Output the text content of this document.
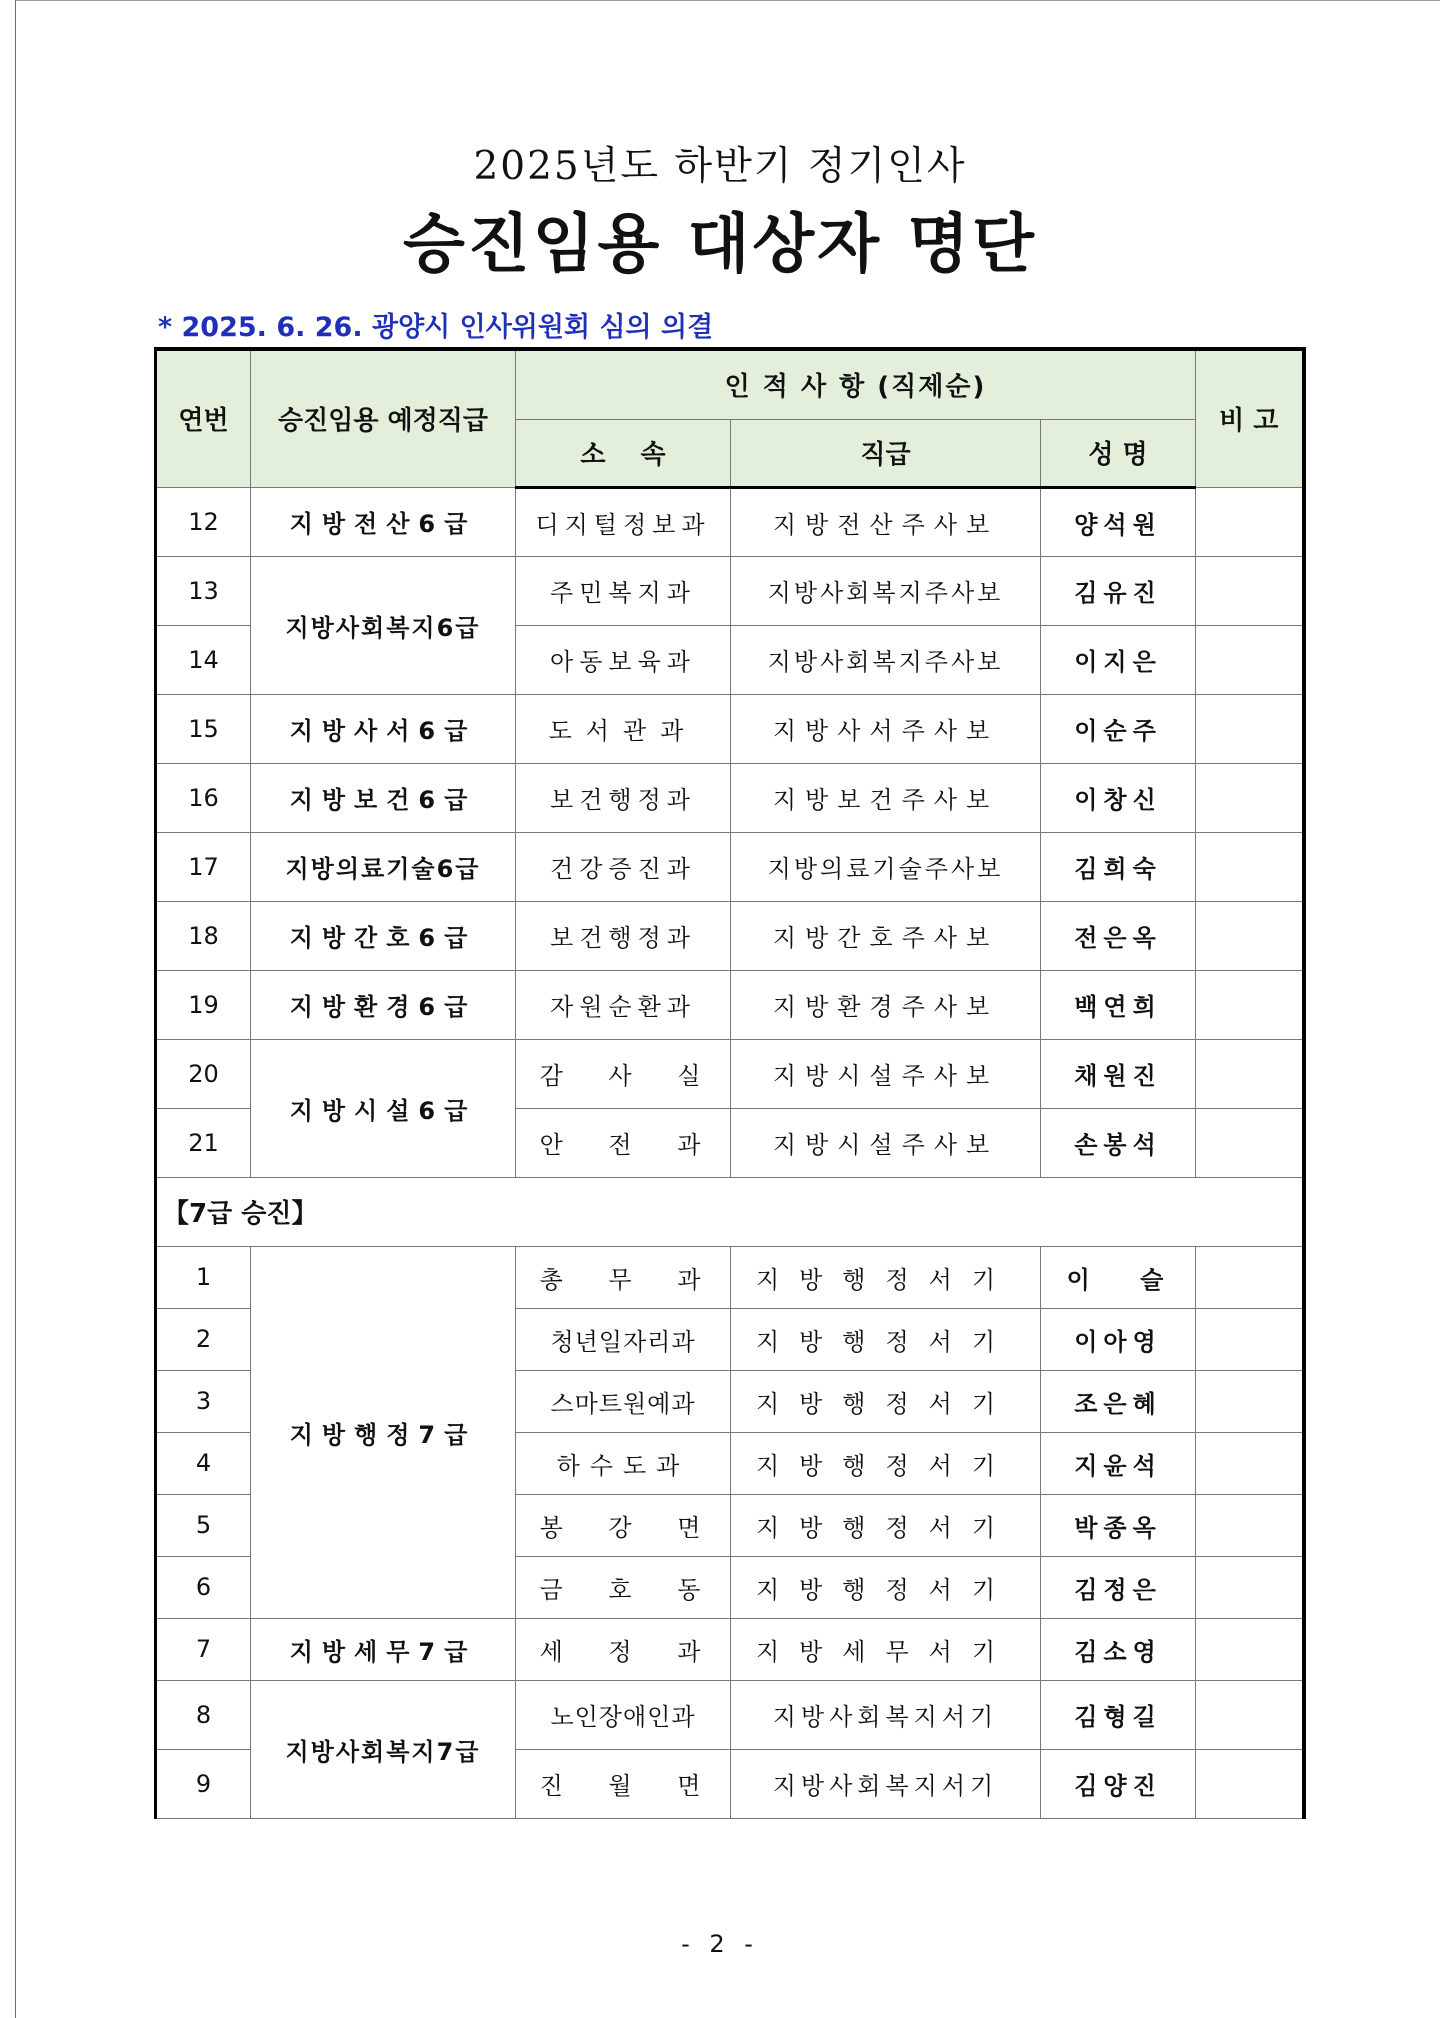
2025년도 하반기 정기인사
승진임용 대상자 명단
* 2025. 6. 26. 광양시 인사위원회 심의 의결
연번	승진임용 예정직급	인 적 사 항 (직제순)			비 고
		소 속	직급	성 명	
12	지방전산6급	디지털정보과	지방전산주사보	양석원	
13	지방사회복지6급	주민복지과	지방사회복지주사보	김유진	
14		아동보육과	지방사회복지주사보	이지은	
15	지방사서6급	도서관과	지방사서주사보	이순주	
16	지방보건6급	보건행정과	지방보건주사보	이창신	
17	지방의료기술6급	건강증진과	지방의료기술주사보	김희숙	
18	지방간호6급	보건행정과	지방간호주사보	전은옥	
19	지방환경6급	자원순환과	지방환경주사보	백연희	
20	지방시설6급	감 사 실	지방시설주사보	채원진	
21		안 전 과	지방시설주사보	손봉석	
【7급 승진】					
1	지방행정7급	총 무 과	지방행정서기	이 슬	
2		청년일자리과	지방행정서기	이아영	
3		스마트원예과	지방행정서기	조은혜	
4		하수도과	지방행정서기	지윤석	
5		봉 강 면	지방행정서기	박종옥	
6		금 호 동	지방행정서기	김정은	
7	지방세무7급	세 정 과	지방세무서기	김소영	
8	지방사회복지7급	노인장애인과	지방사회복지서기	김형길	
9		진 월 면	지방사회복지서기	김양진	
- 2 -
